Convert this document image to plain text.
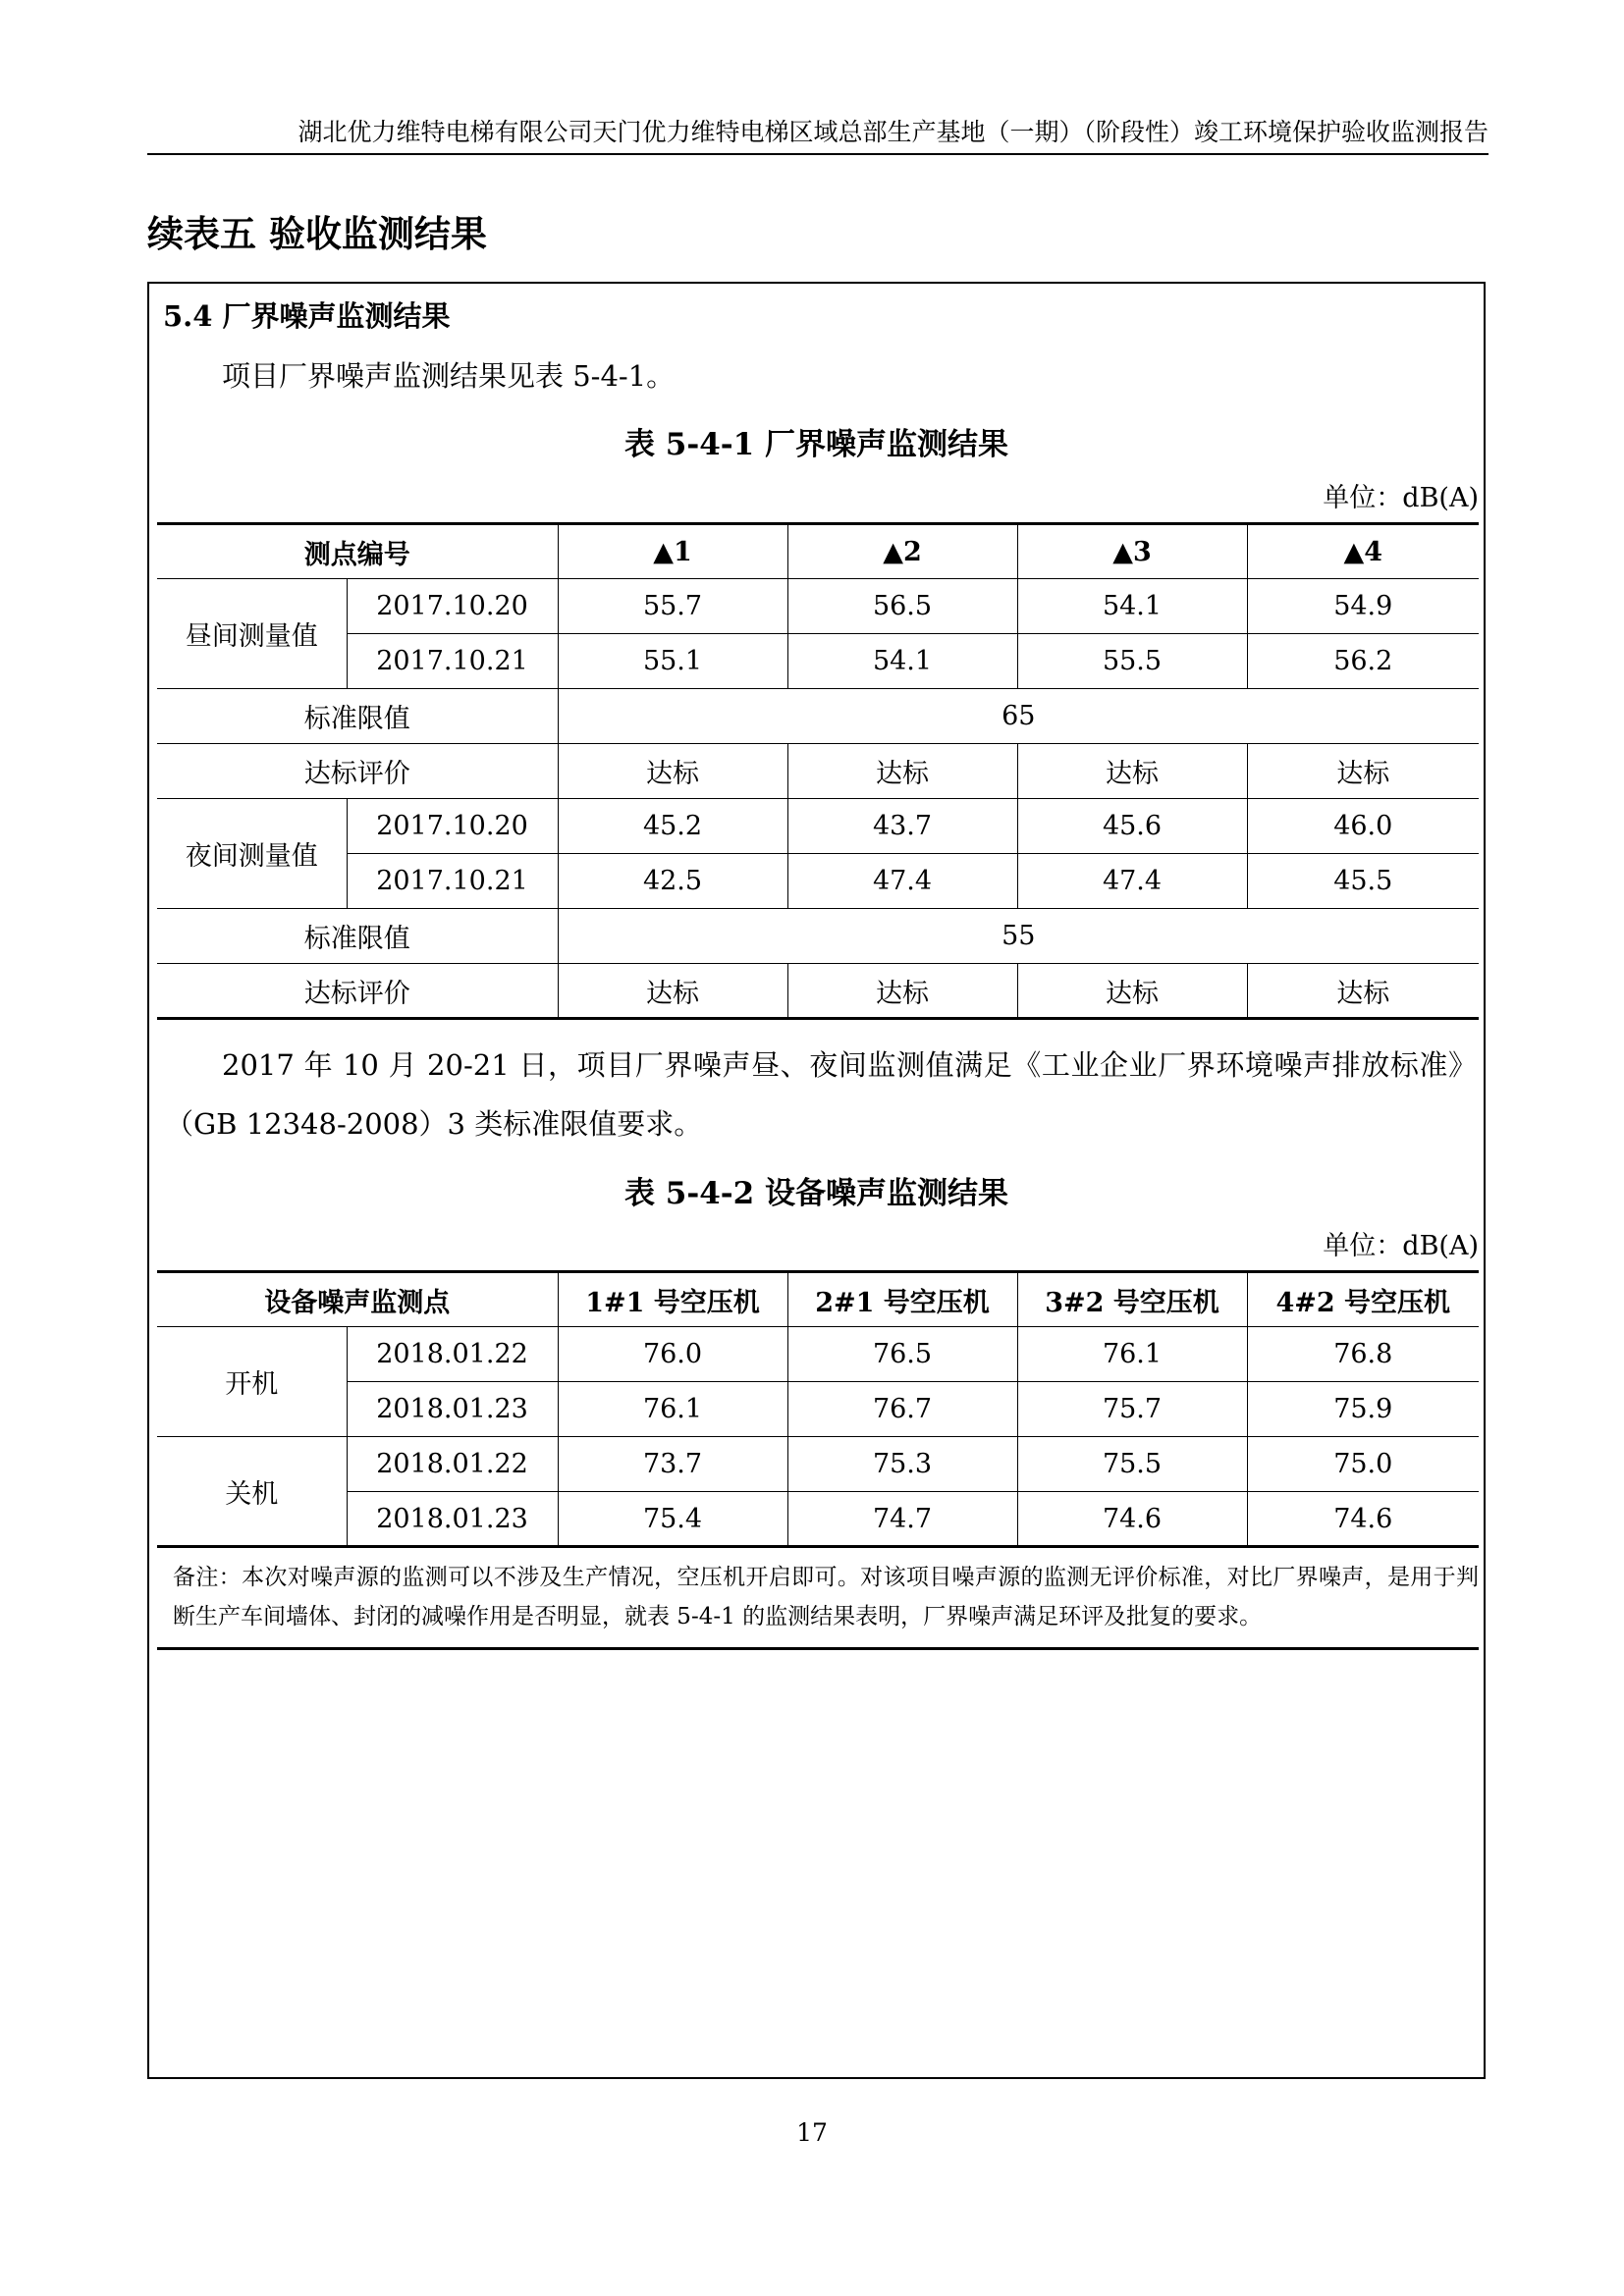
湖北优力维特电梯有限公司天门优力维特电梯区域总部生产基地（一期）（阶段性）竣工环境保护验收监测报告
续表五 验收监测结果
5.4 厂界噪声监测结果
项目厂界噪声监测结果见表 5-4-1。
表 5-4-1 厂界噪声监测结果
单位：dB(A)
测点编号		▲1	▲2	▲3	▲4
昼间测量值	2017.10.20	55.7	56.5	54.1	54.9
	2017.10.21	55.1	54.1	55.5	56.2
标准限值		65			
达标评价		达标	达标	达标	达标
夜间测量值	2017.10.20	45.2	43.7	45.6	46.0
	2017.10.21	42.5	47.4	47.4	45.5
标准限值		55			
达标评价		达标	达标	达标	达标
2017 年 10 月 20-21 日，项目厂界噪声昼、夜间监测值满足《工业企业厂界环境噪声排放标准》（GB 12348-2008）3 类标准限值要求。
表 5-4-2 设备噪声监测结果
单位：dB(A)
设备噪声监测点		1#1 号空压机	2#1 号空压机	3#2 号空压机	4#2 号空压机
开机	2018.01.22	76.0	76.5	76.1	76.8
	2018.01.23	76.1	76.7	75.7	75.9
关机	2018.01.22	73.7	75.3	75.5	75.0
	2018.01.23	75.4	74.7	74.6	74.6
备注：本次对噪声源的监测可以不涉及生产情况，空压机开启即可。对该项目噪声源的监测无评价标准，对比厂界噪声，是用于判断生产车间墙体、封闭的减噪作用是否明显，就表 5-4-1 的监测结果表明，厂界噪声满足环评及批复的要求。
17
